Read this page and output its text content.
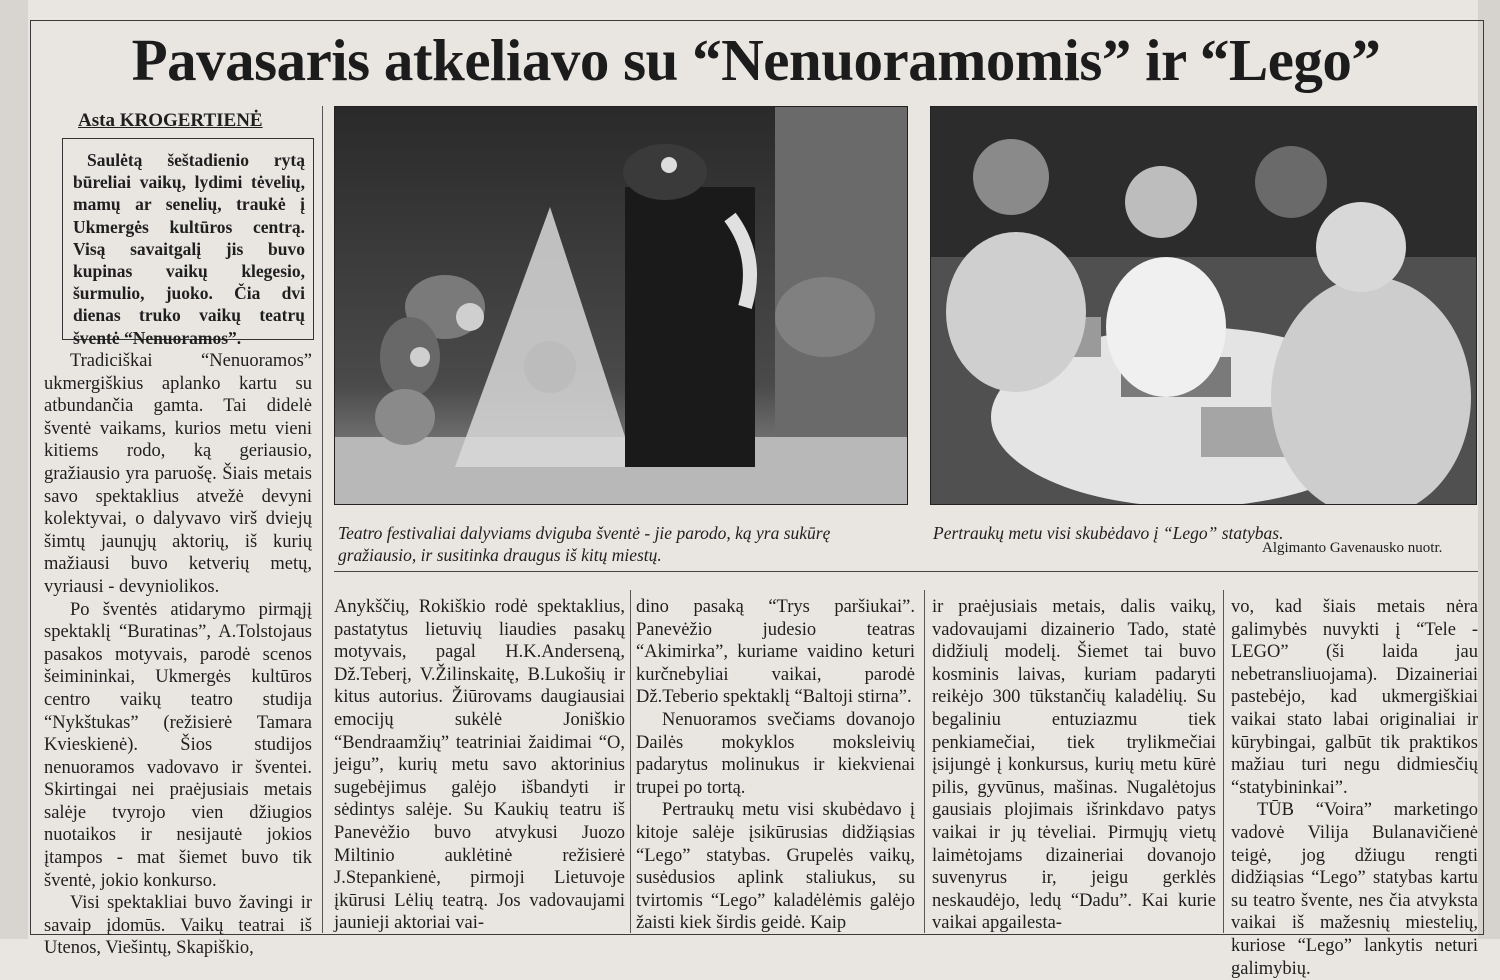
Pavasaris atkeliavo su “Nenuoramomis” ir “Lego”
Asta KROGERTIENĖ
Saulėtą šeštadienio rytą būreliai vaikų, lydimi tėvelių, mamų ar senelių, traukė į Ukmergės kultūros centrą. Visą savaitgalį jis buvo kupinas vaikų klegesio, šurmulio, juoko. Čia dvi dienas truko vaikų teatrų šventė “Nenuoramos”.
Teatro festivaliai dalyviams dviguba šventė - jie parodo, ką yra sukūrę gražiausio, ir susitinka draugus iš kitų miestų.
Pertraukų metu visi skubėdavo į “Lego” statybas.
Algimanto Gavenausko nuotr.

Tradiciškai “Nenuoramos” ukmergiškius aplanko kartu su atbundančia gamta. Tai didelė šventė vaikams, kurios metu vieni kitiems rodo, ką geriausio, gražiausio yra paruošę. Šiais metais savo spektaklius atvežė devyni kolektyvai, o dalyvavo virš dviejų šimtų jaunųjų aktorių, iš kurių mažiausi buvo ketverių metų, vyriausi - devyniolikos.

Po šventės atidarymo pirmąjį spektaklį “Buratinas”, A.Tolstojaus pasakos motyvais, parodė scenos šeimininkai, Ukmergės kultūros centro vaikų teatro studija “Nykštukas” (režisierė Tamara Kvieskienė). Šios studijos nenuoramos vadovavo ir šventei. Skirtingai nei praėjusiais metais salėje tvyrojo vien džiugios nuotaikos ir nesijautė jokios įtampos - mat šiemet buvo tik šventė, jokio konkurso.

Visi spektakliai buvo žavingi ir savaip įdomūs. Vaikų teatrai iš Utenos, Viešintų, Skapiškio,

Anykščių, Rokiškio rodė spektaklius, pastatytus lietuvių liaudies pasakų motyvais, pagal H.K.Anderseną, Dž.Teberį, V.Žilinskaitę, B.Lukošių ir kitus autorius. Žiūrovams daugiausiai emocijų sukėlė Joniškio “Bendraamžių” teatriniai žaidimai “O, jeigu”, kurių metu savo aktorinius sugebėjimus galėjo išbandyti ir sėdintys salėje. Su Kaukių teatru iš Panevėžio buvo atvykusi Juozo Miltinio auklėtinė režisierė J.Stepankienė, pirmoji Lietuvoje įkūrusi Lėlių teatrą. Jos vadovaujami jaunieji aktoriai vai-

dino pasaką “Trys paršiukai”. Panevėžio judesio teatras “Akimirka”, kuriame vaidino keturi kurčnebyliai vaikai, parodė Dž.Teberio spektaklį “Baltoji stirna”.

Nenuoramos svečiams dovanojo Dailės mokyklos moksleivių padarytus molinukus ir kiekvienai trupei po tortą.

Pertraukų metu visi skubėdavo į kitoje salėje įsikūrusias didžiąsias “Lego” statybas. Grupelės vaikų, susėdusios aplink staliukus, su tvirtomis “Lego” kaladėlėmis galėjo žaisti kiek širdis geidė. Kaip

ir praėjusiais metais, dalis vaikų, vadovaujami dizainerio Tado, statė didžiulį modelį. Šiemet tai buvo kosminis laivas, kuriam padaryti reikėjo 300 tūkstančių kaladėlių. Su begaliniu entuziazmu tiek penkiamečiai, tiek trylikmečiai įsijungė į konkursus, kurių metu kūrė pilis, gyvūnus, mašinas. Nugalėtojus gausiais plojimais išrinkdavo patys vaikai ir jų tėveliai. Pirmųjų vietų laimėtojams dizaineriai dovanojo suvenyrus ir, jeigu gerklės neskaudėjo, ledų “Dadu”. Kai kurie vaikai apgailesta-

vo, kad šiais metais nėra galimybės nuvykti į “Tele - LEGO” (ši laida jau nebetransliuojama). Dizaineriai pastebėjo, kad ukmergiškiai vaikai stato labai originaliai ir kūrybingai, galbūt tik praktikos mažiau turi negu didmiesčių “statybininkai”.

TŪB “Voira” marketingo vadovė Vilija Bulanavičienė teigė, jog džiugu rengti didžiąsias “Lego” statybas kartu su teatro švente, nes čia atvyksta vaikai iš mažesnių miestelių, kuriose “Lego” lankytis neturi galimybių.
